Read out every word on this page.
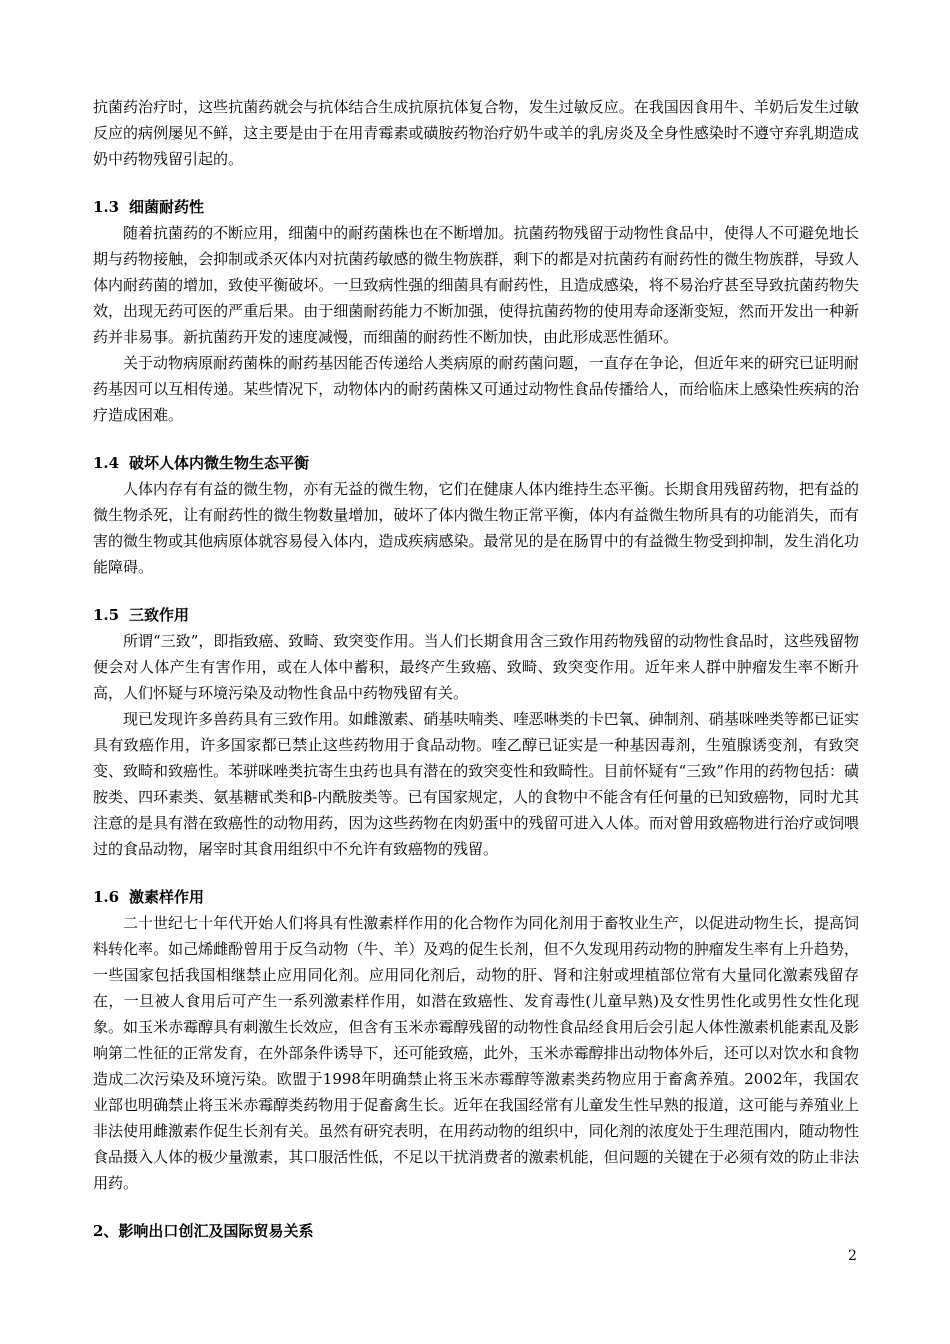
抗菌药治疗时，这些抗菌药就会与抗体结合生成抗原抗体复合物，发生过敏反应。在我国因食用牛、羊奶后发生过敏反应的病例屡见不鲜，这主要是由于在用青霉素或磺胺药物治疗奶牛或羊的乳房炎及全身性感染时不遵守弃乳期造成奶中药物残留引起的。

1.3 细菌耐药性

随着抗菌药的不断应用，细菌中的耐药菌株也在不断增加。抗菌药物残留于动物性食品中，使得人不可避免地长期与药物接触，会抑制或杀灭体内对抗菌药敏感的微生物族群，剩下的都是对抗菌药有耐药性的微生物族群，导致人体内耐药菌的增加，致使平衡破坏。一旦致病性强的细菌具有耐药性，且造成感染，将不易治疗甚至导致抗菌药物失效，出现无药可医的严重后果。由于细菌耐药能力不断加强，使得抗菌药物的使用寿命逐渐变短，然而开发出一种新药并非易事。新抗菌药开发的速度减慢，而细菌的耐药性不断加快，由此形成恶性循环。

关于动物病原耐药菌株的耐药基因能否传递给人类病原的耐药菌问题，一直存在争论，但近年来的研究已证明耐药基因可以互相传递。某些情况下，动物体内的耐药菌株又可通过动物性食品传播给人，而给临床上感染性疾病的治疗造成困难。

1.4 破坏人体内微生物生态平衡

人体内存有有益的微生物，亦有无益的微生物，它们在健康人体内维持生态平衡。长期食用残留药物，把有益的微生物杀死，让有耐药性的微生物数量增加，破坏了体内微生物正常平衡，体内有益微生物所具有的功能消失，而有害的微生物或其他病原体就容易侵入体内，造成疾病感染。最常见的是在肠胃中的有益微生物受到抑制，发生消化功能障碍。

1.5 三致作用

所谓“三致”，即指致癌、致畸、致突变作用。当人们长期食用含三致作用药物残留的动物性食品时，这些残留物便会对人体产生有害作用，或在人体中蓄积，最终产生致癌、致畸、致突变作用。近年来人群中肿瘤发生率不断升高，人们怀疑与环境污染及动物性食品中药物残留有关。

现已发现许多兽药具有三致作用。如雌激素、硝基呋喃类、喹恶啉类的卡巴氧、砷制剂、硝基咪唑类等都已证实具有致癌作用，许多国家都已禁止这些药物用于食品动物。喹乙醇已证实是一种基因毒剂，生殖腺诱变剂，有致突变、致畸和致癌性。苯骈咪唑类抗寄生虫药也具有潜在的致突变性和致畸性。目前怀疑有“三致”作用的药物包括：磺胺类、四环素类、氨基糖甙类和β-内酰胺类等。已有国家规定，人的食物中不能含有任何量的已知致癌物，同时尤其注意的是具有潜在致癌性的动物用药，因为这些药物在肉奶蛋中的残留可进入人体。而对曾用致癌物进行治疗或饲喂过的食品动物，屠宰时其食用组织中不允许有致癌物的残留。

1.6 激素样作用

二十世纪七十年代开始人们将具有性激素样作用的化合物作为同化剂用于畜牧业生产，以促进动物生长，提高饲料转化率。如己烯雌酚曾用于反刍动物（牛、羊）及鸡的促生长剂，但不久发现用药动物的肿瘤发生率有上升趋势，一些国家包括我国相继禁止应用同化剂。应用同化剂后，动物的肝、肾和注射或埋植部位常有大量同化激素残留存在，一旦被人食用后可产生一系列激素样作用，如潜在致癌性、发育毒性(儿童早熟)及女性男性化或男性女性化现象。如玉米赤霉醇具有刺激生长效应，但含有玉米赤霉醇残留的动物性食品经食用后会引起人体性激素机能素乱及影响第二性征的正常发育，在外部条件诱导下，还可能致癌，此外，玉米赤霉醇排出动物体外后，还可以对饮水和食物造成二次污染及环境污染。欧盟于1998年明确禁止将玉米赤霉醇等激素类药物应用于畜禽养殖。2002年，我国农业部也明确禁止将玉米赤霉醇类药物用于促畜禽生长。近年在我国经常有儿童发生性早熟的报道，这可能与养殖业上非法使用雌激素作促生长剂有关。虽然有研究表明，在用药动物的组织中，同化剂的浓度处于生理范围内，随动物性食品摄入人体的极少量激素，其口服活性低，不足以干扰消费者的激素机能，但问题的关键在于必须有效的防止非法用药。

2、影响出口创汇及国际贸易关系
2
